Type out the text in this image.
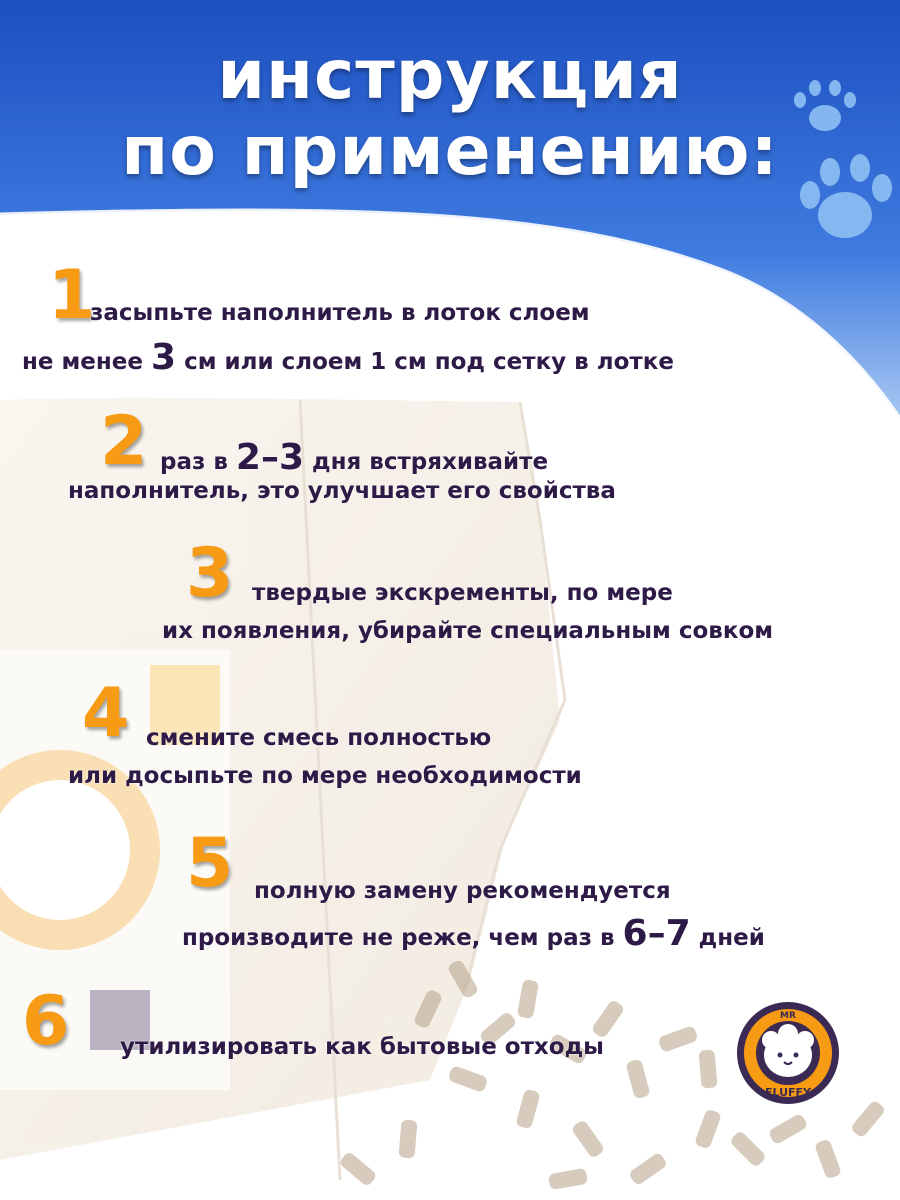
инструкция
по применению:
1
засыпьте наполнитель в лоток слоем
не менее 3 см или слоем 1 см под сетку в лотке
2 раз в 2–3 дня встряхивайте
наполнитель, это улучшает его свойства
3 твердые экскременты, по мере
их появления, убирайте специальным совком
4 смените смесь полностью
или досыпьте по мере необходимости
5 полную замену рекомендуется
производите не реже, чем раз в 6–7 дней
6 утилизировать как бытовые отходы
MR
FLUFFY
